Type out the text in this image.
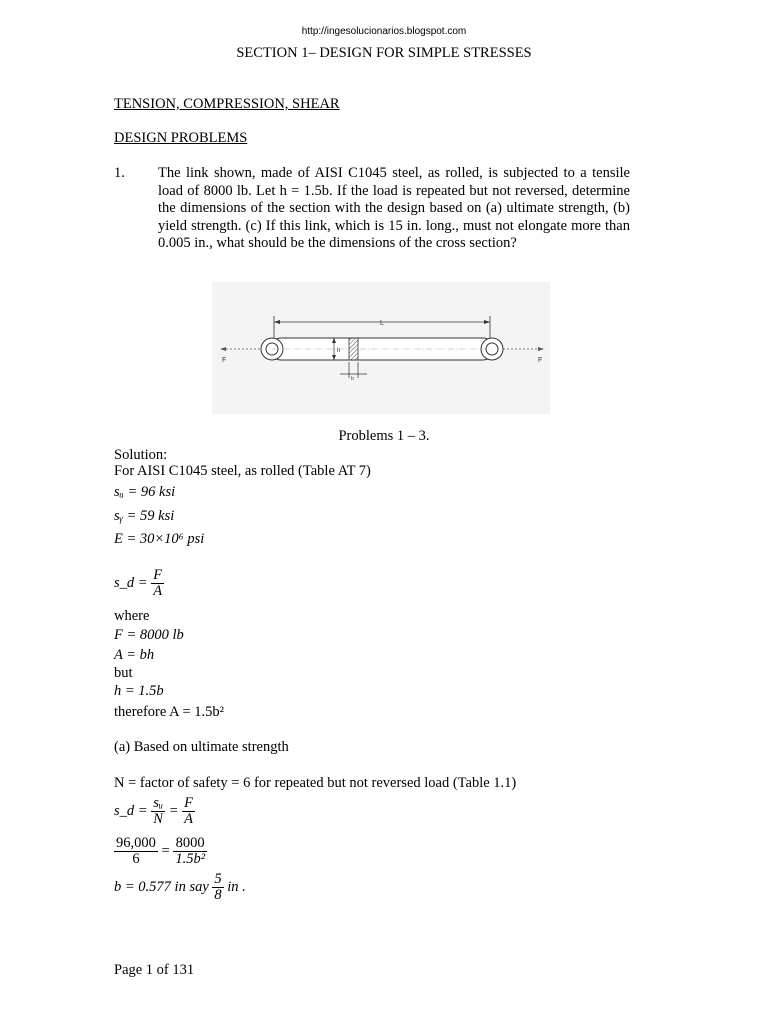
http://ingesolucionarios.blogspot.com
SECTION 1– DESIGN FOR SIMPLE STRESSES
TENSION, COMPRESSION, SHEAR
DESIGN PROBLEMS
1. The link shown, made of AISI C1045 steel, as rolled, is subjected to a tensile load of 8000 lb. Let h = 1.5b. If the load is repeated but not reversed, determine the dimensions of the section with the design based on (a) ultimate strength, (b) yield strength. (c) If this link, which is 15 in. long., must not elongate more than 0.005 in., what should be the dimensions of the cross section?
L
h
b
F	F
Problems 1 – 3.
Solution:
For AISI C1045 steel, as rolled (Table AT 7)
sᵤ = 96 ksi
sᵧ = 59 ksi
E = 30×10⁶ psi
s_d = $\frac{F}{A}$
where
F = 8000 lb
A = bh
but
h = 1.5b
therefore A = 1.5b²
(a) Based on ultimate strength
N = factor of safety = 6 for repeated but not reversed load (Table 1.1)
s_d = $\frac{\text{sᵤ}}{N} = \frac{F}{A}$
$\frac{96,000}{6} = \frac{8000}{\text{1.5b²}}$
b = 0.577 in say $\frac{5}{8}$ in .
Page 1 of 131
